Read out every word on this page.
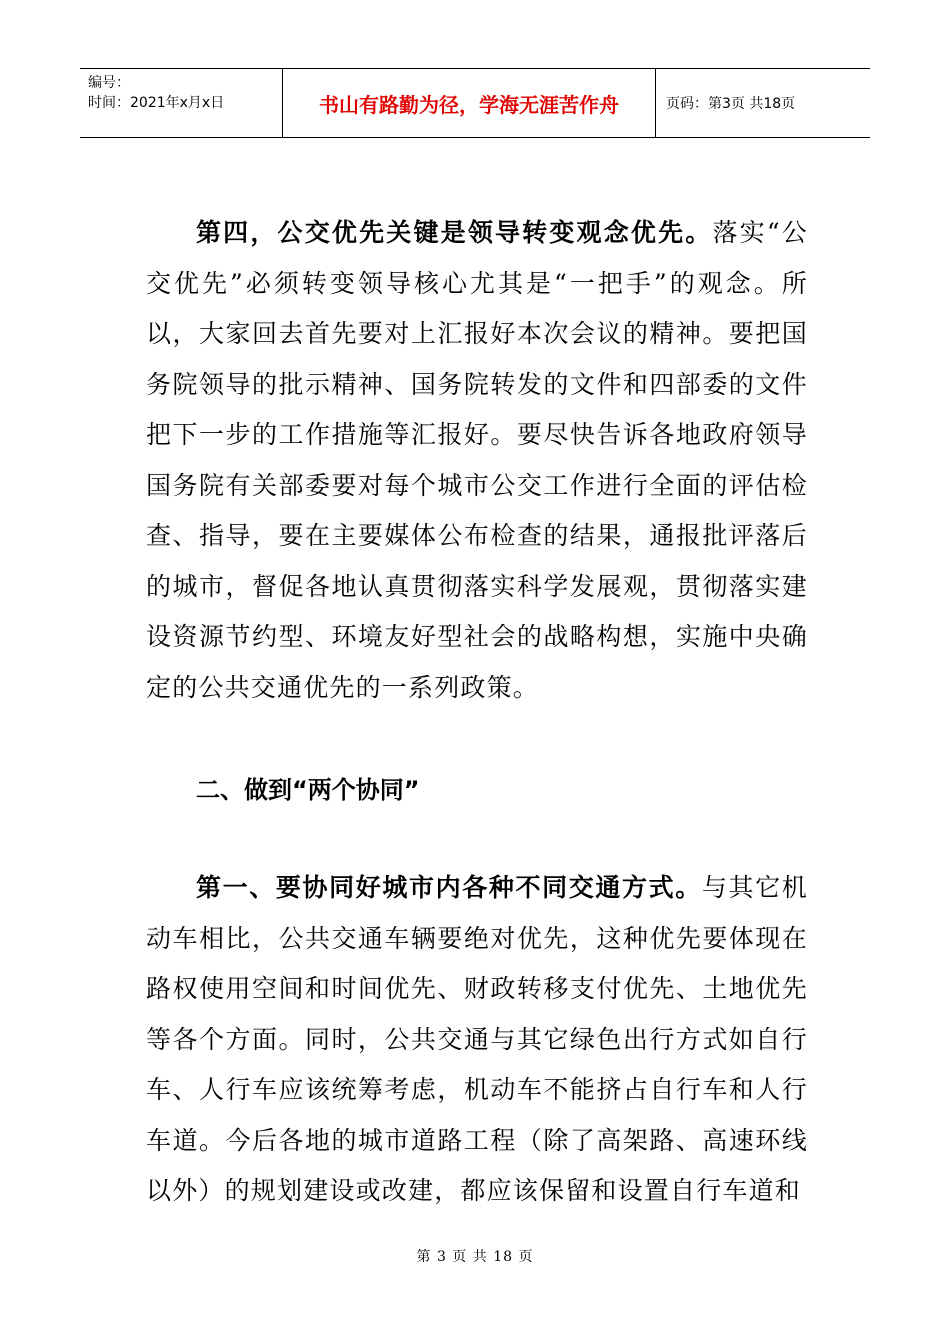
编号：
时间：2021年x月x日	书山有路勤为径，学海无涯苦作舟	页码：第3页 共18页

第四，公交优先关键是领导转变观念优先。落实“公交优先”必须转变领导核心尤其是“一把手”的观念。所以，大家回去首先要对上汇报好本次会议的精神。要把国务院领导的批示精神、国务院转发的文件和四部委的文件把下一步的工作措施等汇报好。要尽快告诉各地政府领导国务院有关部委要对每个城市公交工作进行全面的评估检查、指导，要在主要媒体公布检查的结果，通报批评落后的城市，督促各地认真贯彻落实科学发展观，贯彻落实建设资源节约型、环境友好型社会的战略构想，实施中央确定的公共交通优先的一系列政策。

二、做到“两个协同”

第一、要协同好城市内各种不同交通方式。与其它机动车相比，公共交通车辆要绝对优先，这种优先要体现在路权使用空间和时间优先、财政转移支付优先、土地优先等各个方面。同时，公共交通与其它绿色出行方式如自行车、人行车应该统筹考虑，机动车不能挤占自行车和人行车道。今后各地的城市道路工程（除了高架路、高速环线以外）的规划建设或改建，都应该保留和设置自行车道和

第 3 页 共 18 页
